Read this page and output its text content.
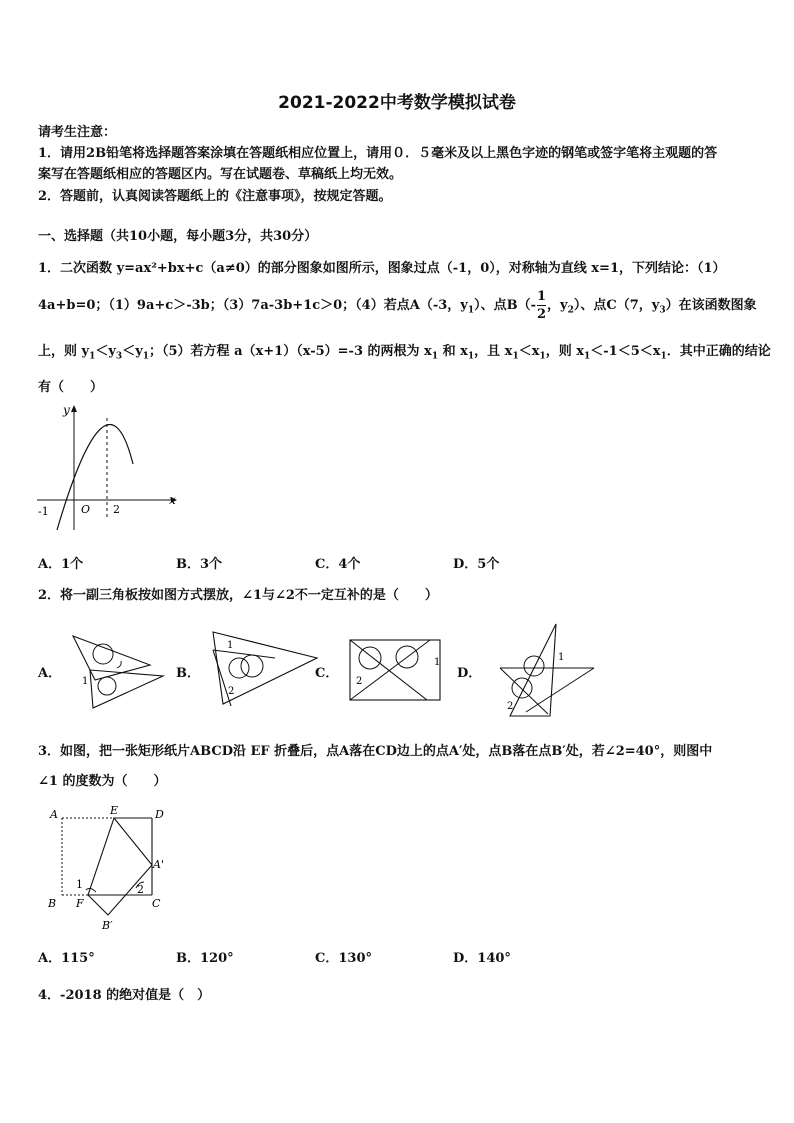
2021-2022中考数学模拟试卷
请考生注意：
1．请用2B铅笔将选择题答案涂填在答题纸相应位置上，请用０．５毫米及以上黑色字迹的钢笔或签字笔将主观题的答
案写在答题纸相应的答题区内。写在试题卷、草稿纸上均无效。
2．答题前，认真阅读答题纸上的《注意事项》，按规定答题。
一、选择题（共10小题，每小题3分，共30分）
1．二次函数 y=ax²+bx+c（a≠0）的部分图象如图所示，图象过点（-1，0），对称轴为直线 x=1，下列结论：（1）
4a+b=0；（1）9a+c＞-3b；（3）7a-3b+1c＞0；（4）若点A（-3，$y_1$）、点$B(- \frac{1}{2}$ ，$y_2$）、点C（7，$y_3$）在该函数图象
上，则 $y_1<y_3<y_1$；（5）若方程 a（x+1）（x-5）=-3 的两根为 $x_1$ 和 $x_1$，且 $x_1<x_1$，则 $x_1<-1<5<x_1$．其中正确的结论
有（　　）
y
x
O
-1	2
A．1个	B．3个	C．4个	D．5个
2．将一副三角板按如图方式摆放，∠1与∠2不一定互补的是（　　）
A．
1
B．
1
2
C．
1
2
D．
1
2
3．如图，把一张矩形纸片ABCD沿 EF 折叠后，点A落在CD边上的点A′处，点B落在点B′处，若∠2=40°，则图中
∠1 的度数为（　　）
A	E	D
A'
B F	C
B′
1	2
A．115°	B．120°	C．130°	D．140°
4．-2018 的绝对值是（　）
